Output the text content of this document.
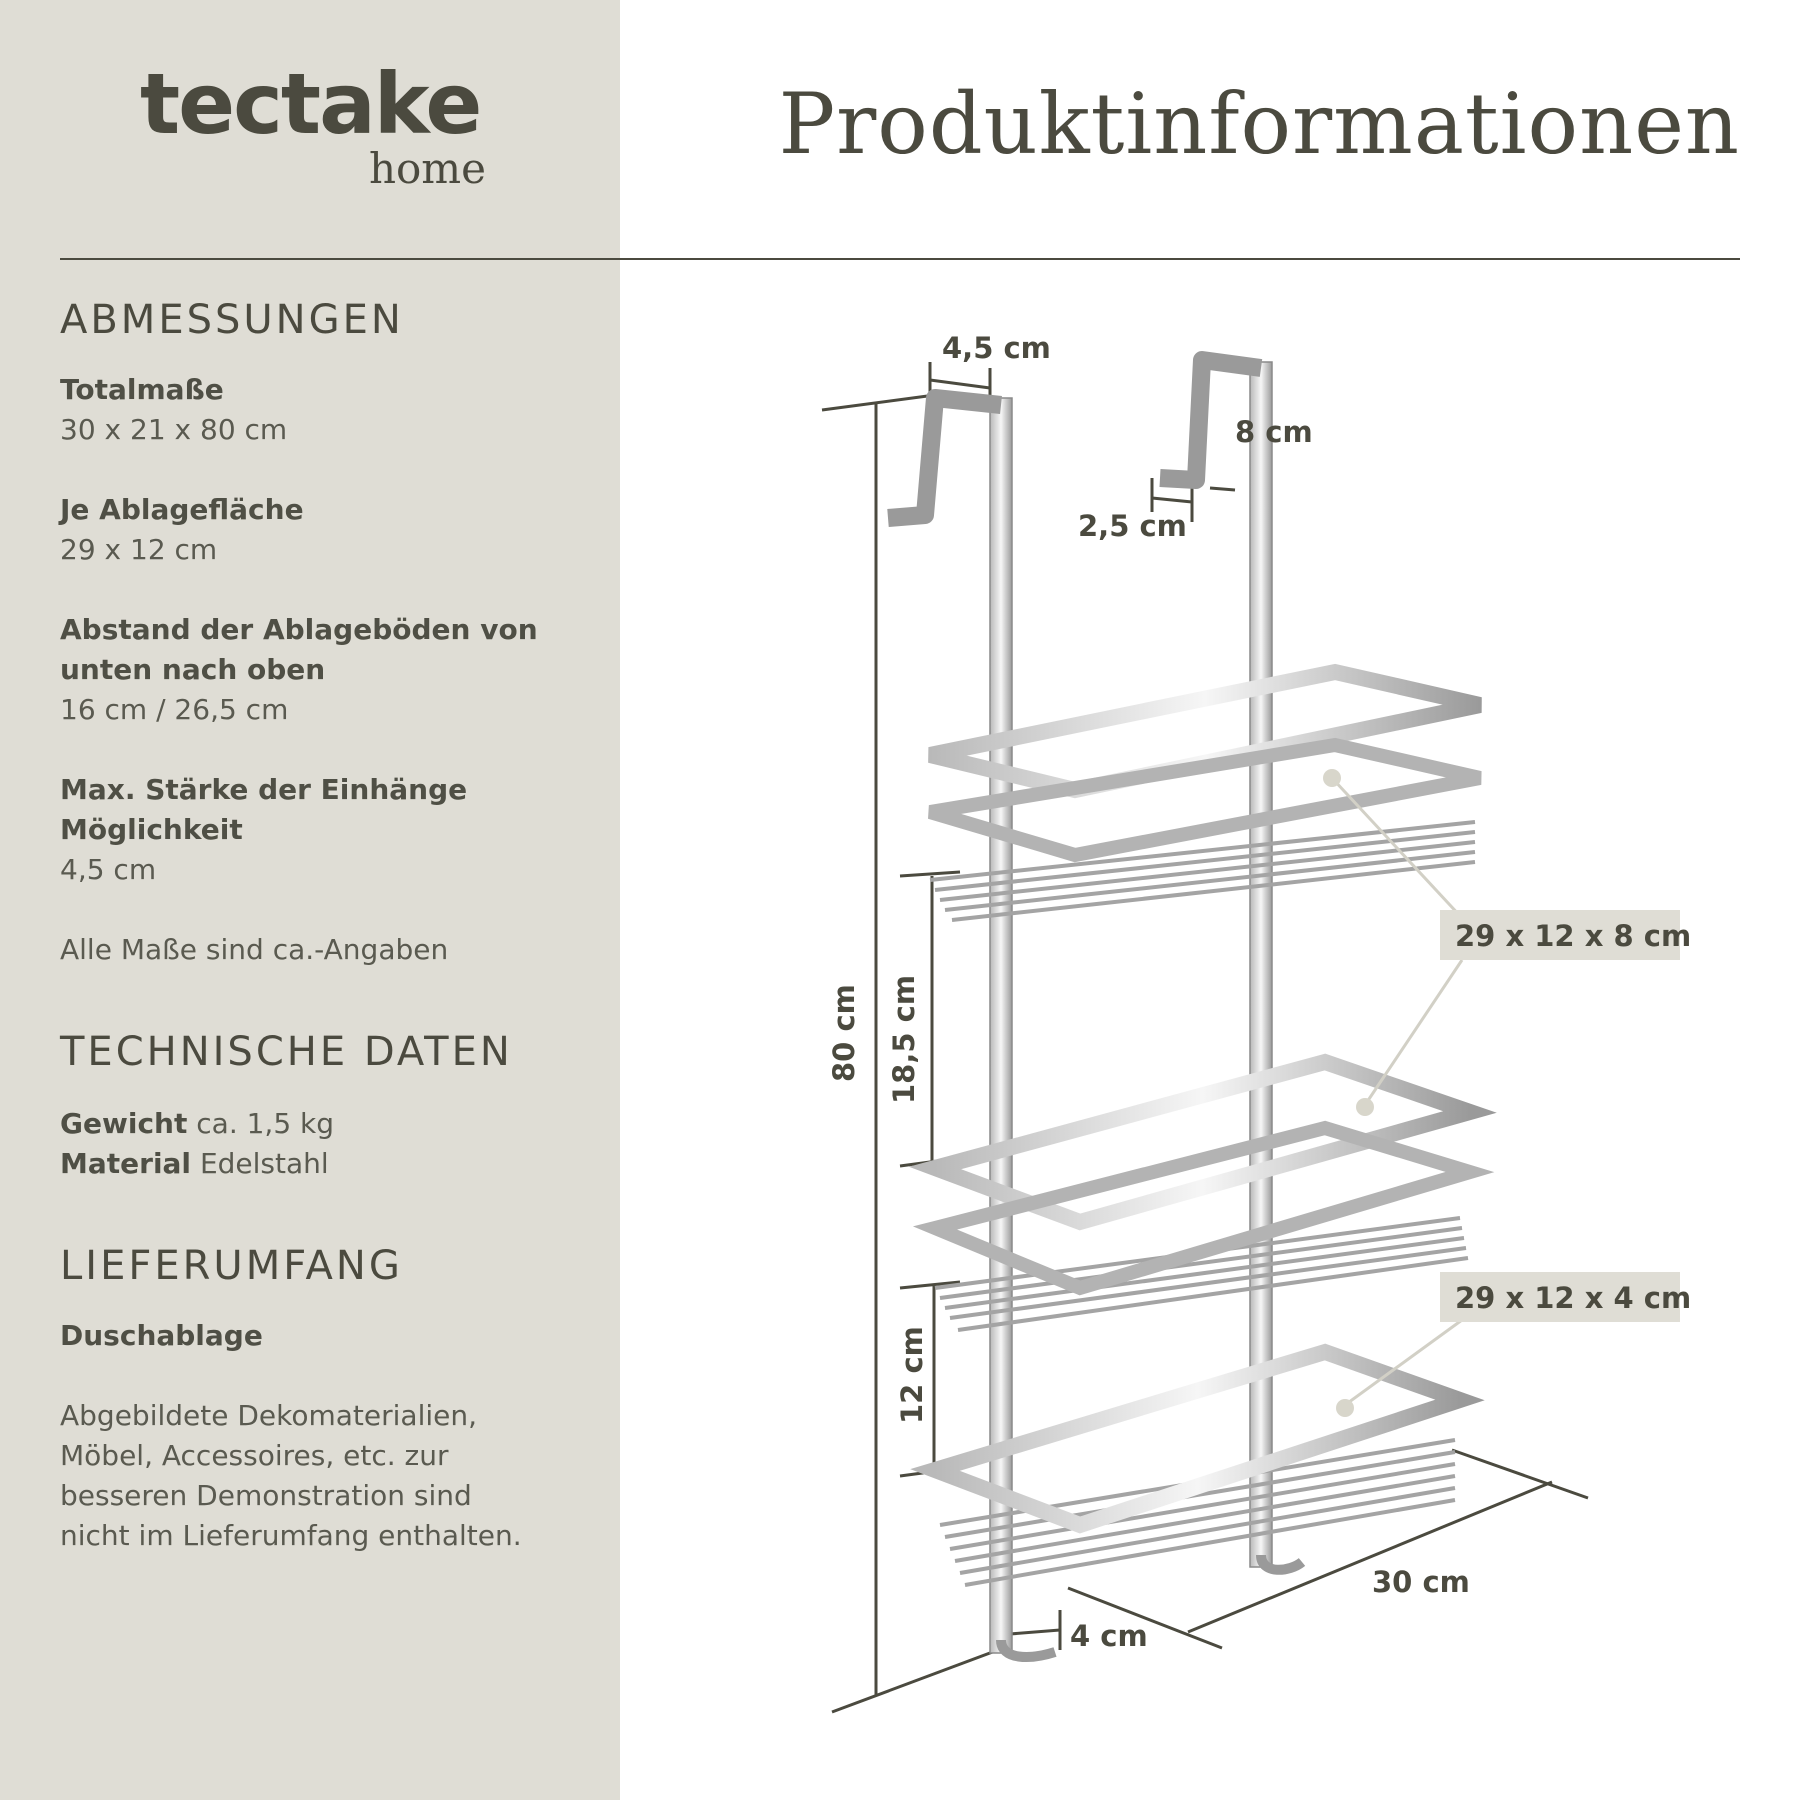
tectake
home	Produktinformationen
ABMESSUNGEN

Totalmaße
30 x 21 x 80 cm

Je Ablagefläche
29 x 12 cm

Abstand der Ablageböden von
unten nach oben
16 cm / 26,5 cm

Max. Stärke der Einhänge
Möglichkeit
4,5 cm

Alle Maße sind ca.-Angaben

TECHNISCHE DATEN

Gewicht ca. 1,5 kg

Material Edelstahl

LIEFERUMFANG

Duschablage

Abgebildete Dekomaterialien,
Möbel, Accessoires, etc. zur
besseren Demonstration sind
nicht im Lieferumfang enthalten.

4,5 cm
8 cm
2,5 cm
80 cm 18,5 cm
12 cm
29 x 12 x 8 cm
29 x 12 x 4 cm
30 cm
4 cm
